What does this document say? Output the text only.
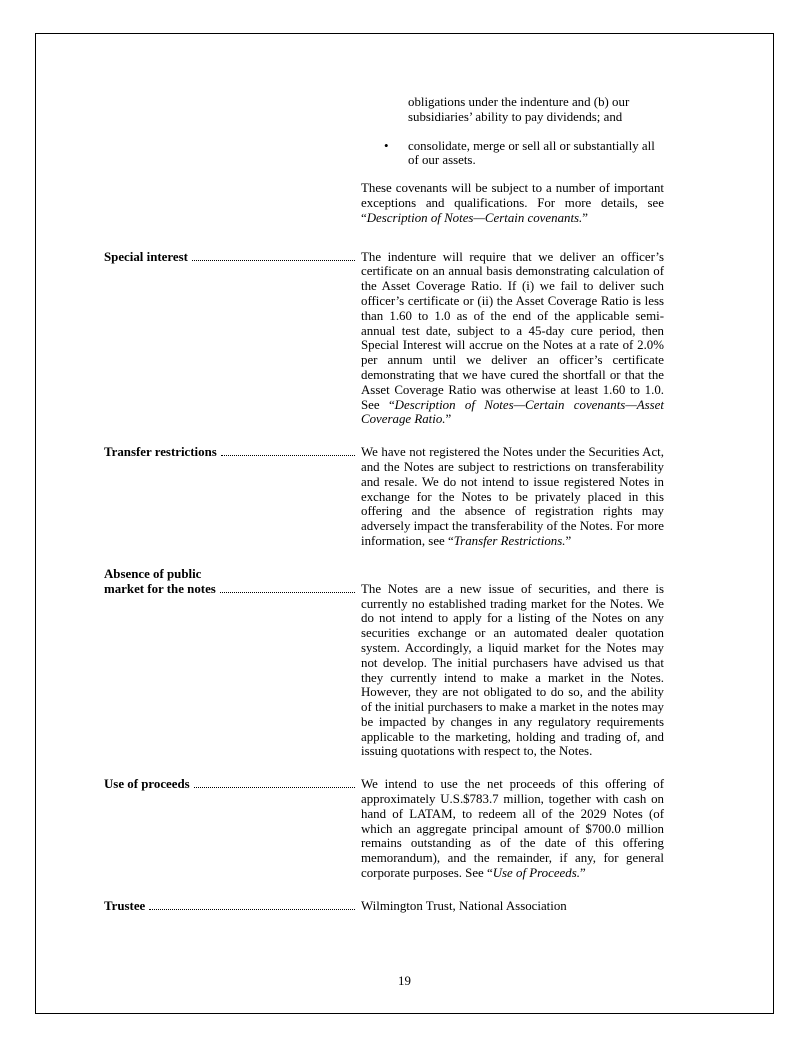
obligations under the indenture and (b) our subsidiaries’ ability to pay dividends; and

•	consolidate, merge or sell all or substantially all of our assets.

These covenants will be subject to a number of important exceptions and qualifications. For more details, see “Description of Notes—Certain covenants.”

Special interest	The indenture will require that we deliver an officer’s certificate on an annual basis demonstrating calculation of the Asset Coverage Ratio. If (i) we fail to deliver such officer’s certificate or (ii) the Asset Coverage Ratio is less than 1.60 to 1.0 as of the end of the applicable semi-annual test date, subject to a 45-day cure period, then Special Interest will accrue on the Notes at a rate of 2.0% per annum until we deliver an officer’s certificate demonstrating that we have cured the shortfall or that the Asset Coverage Ratio was otherwise at least 1.60 to 1.0. See “Description of Notes—Certain covenants—Asset Coverage Ratio.”

Transfer restrictions	We have not registered the Notes under the Securities Act, and the Notes are subject to restrictions on transferability and resale. We do not intend to issue registered Notes in exchange for the Notes to be privately placed in this offering and the absence of registration rights may adversely impact the transferability of the Notes. For more information, see “Transfer Restrictions.”

Absence of public
market for the notes	The Notes are a new issue of securities, and there is currently no established trading market for the Notes. We do not intend to apply for a listing of the Notes on any securities exchange or an automated dealer quotation system. Accordingly, a liquid market for the Notes may not develop. The initial purchasers have advised us that they currently intend to make a market in the Notes. However, they are not obligated to do so, and the ability of the initial purchasers to make a market in the notes may be impacted by changes in any regulatory requirements applicable to the marketing, holding and trading of, and issuing quotations with respect to, the Notes.

Use of proceeds	We intend to use the net proceeds of this offering of approximately U.S.$783.7 million, together with cash on hand of LATAM, to redeem all of the 2029 Notes (of which an aggregate principal amount of $700.0 million remains outstanding as of the date of this offering memorandum), and the remainder, if any, for general corporate purposes. See “Use of Proceeds.”

Trustee	Wilmington Trust, National Association

19
